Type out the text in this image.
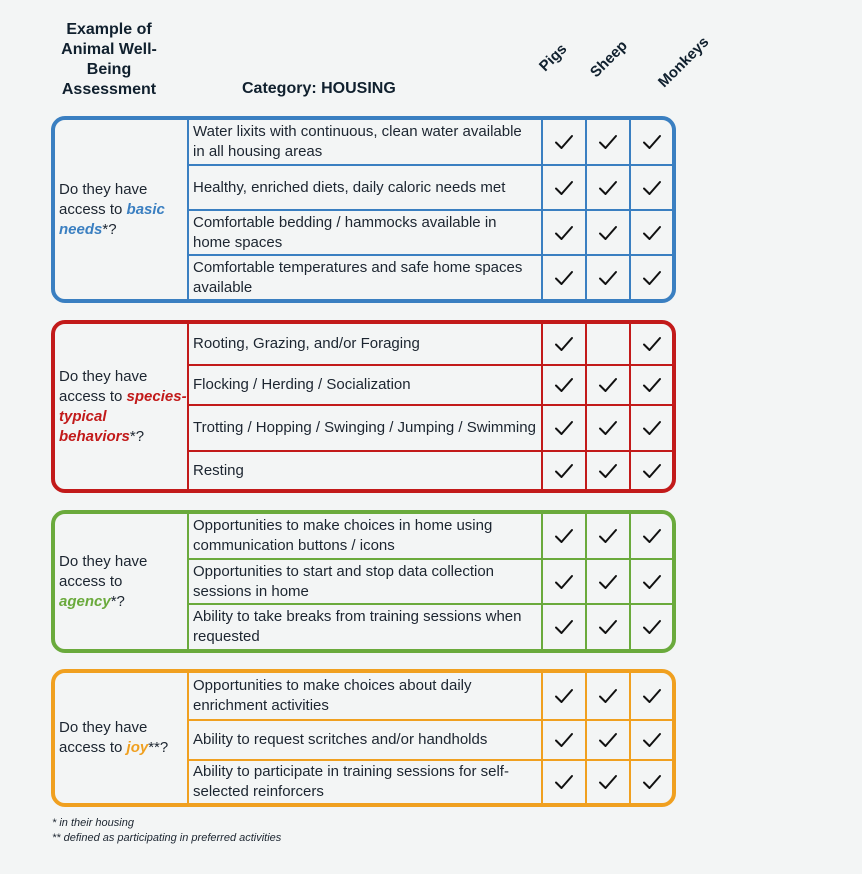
Example of Animal Well-Being Assessment	Category: HOUSING
Pigs Sheep Monkeys
Do they have access to basic needs*?
Water lixits with continuous, clean water available in all housing areas
Healthy, enriched diets, daily caloric needs met
Comfortable bedding / hammocks available in home spaces
Comfortable temperatures and safe home spaces available
Do they have access to species-typical behaviors*?
Rooting, Grazing, and/or Foraging
Flocking / Herding / Socialization
Trotting / Hopping / Swinging / Jumping / Swimming
Resting
Do they have access to agency*?
Opportunities to make choices in home using communication buttons / icons
Opportunities to start and stop data collection sessions in home
Ability to take breaks from training sessions when requested
Do they have access to joy**?
Opportunities to make choices about daily enrichment activities
Ability to request scritches and/or handholds
Ability to participate in training sessions for self-selected reinforcers
* in their housing
** defined as participating in preferred activities
